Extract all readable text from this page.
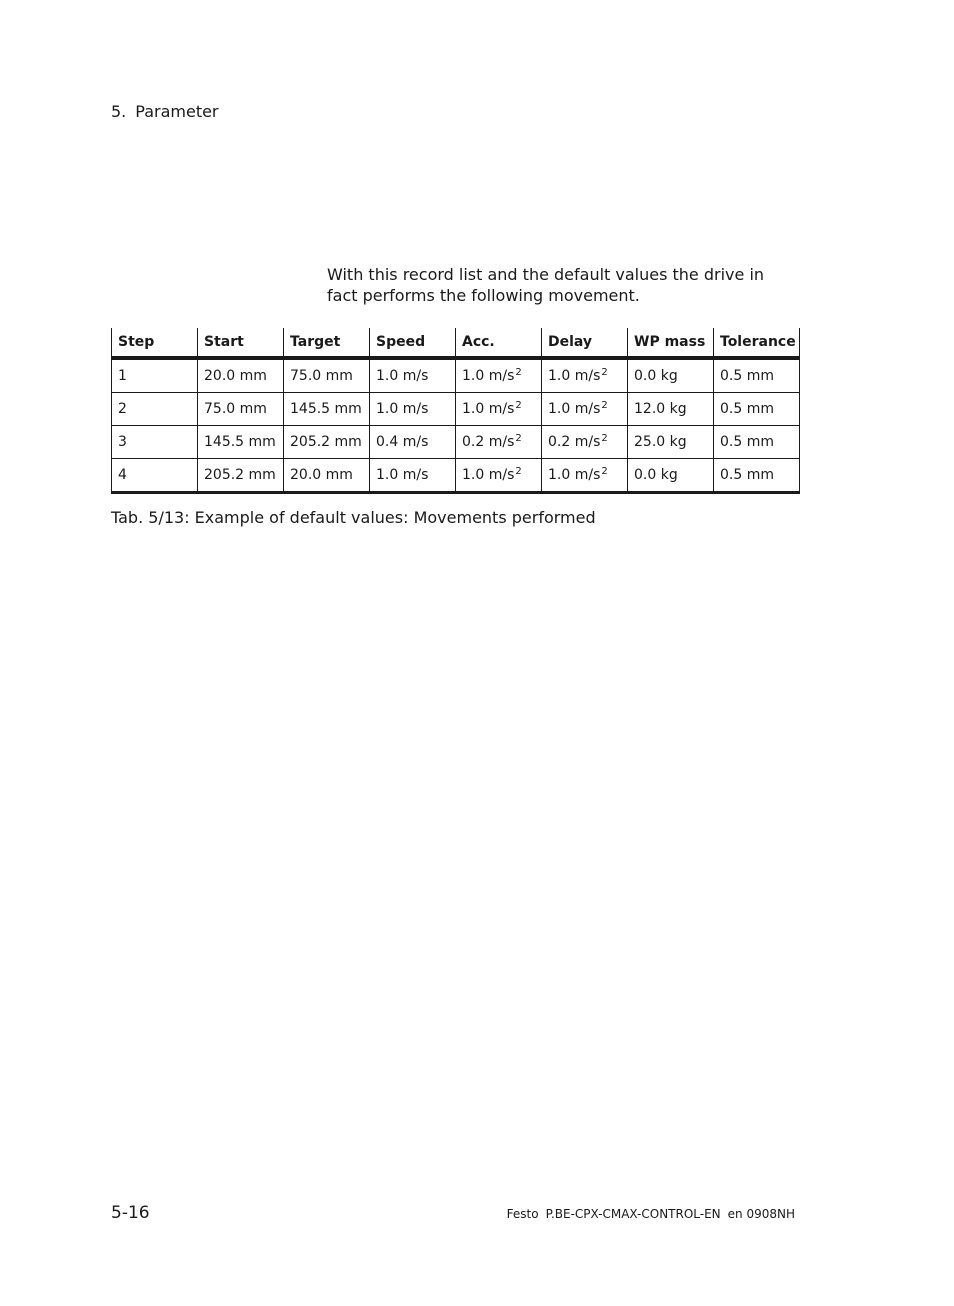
5. Parameter

With this record list and the default values the drive in fact performs the following movement.

Step	Start	Target	Speed	Acc.	Delay	WP mass	Tolerance
1	20.0 mm	75.0 mm	1.0 m/s	1.0 $m/s^2$	1.0 $m/s^2$	0.0 kg	0.5 mm
2	75.0 mm	145.5 mm	1.0 m/s	1.0 $m/s^2$	1.0 $m/s^2$	12.0 kg	0.5 mm
3	145.5 mm	205.2 mm	0.4 m/s	0.2 $m/s^2$	0.2 $m/s^2$	25.0 kg	0.5 mm
4	205.2 mm	20.0 mm	1.0 m/s	1.0 $m/s^2$	1.0 $m/s^2$	0.0 kg	0.5 mm
Tab. 5/13: Example of default values: Movements performed
5-16	Festo P.BE-CPX-CMAX-CONTROL-EN en 0908NH
